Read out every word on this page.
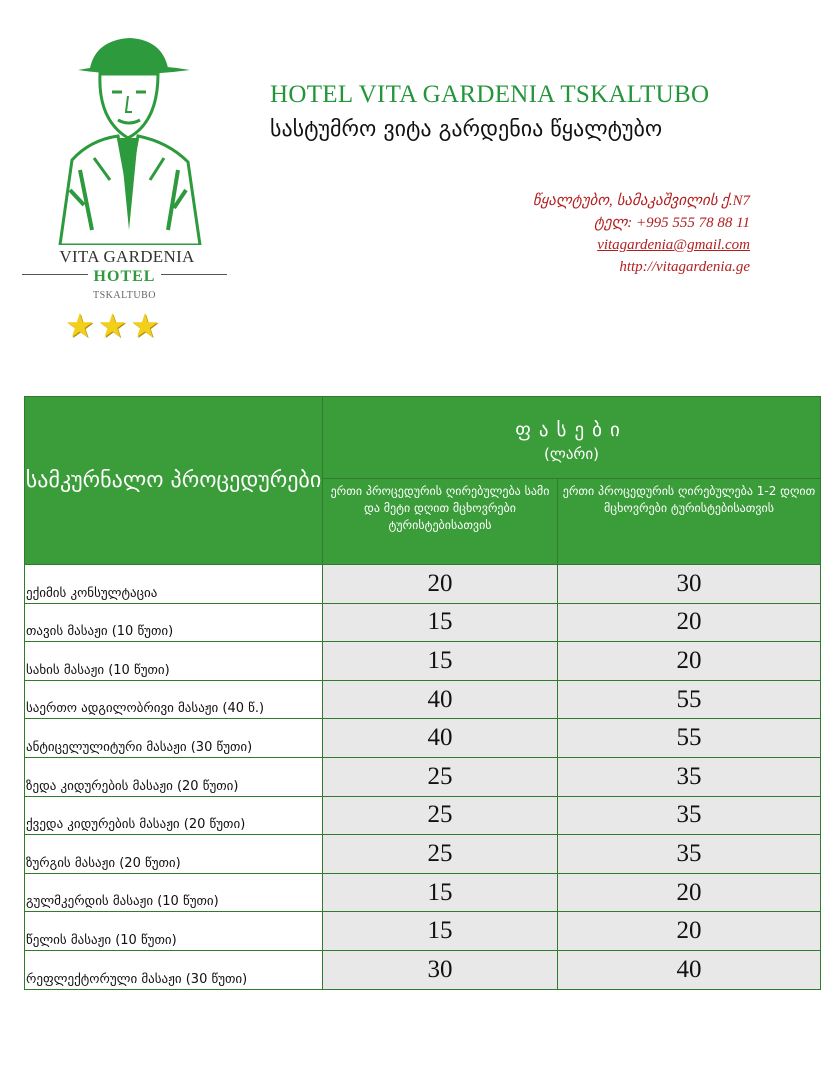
VITA GARDENIA
HOTEL
TSKALTUBO
★★★
HOTEL VITA GARDENIA TSKALTUBO
სასტუმრო ვიტა გარდენია წყალტუბო
წყალტუბო, სამაკაშვილის ქ.N7
ტელ: +995 555 78 88 11
vitagardenia@gmail.com
http://vitagardenia.ge
სამკურნალო პროცედურები	ფასები
(ლარი)	

	ერთი პროცედურის ღირებულება სამი და მეტი დღით მცხოვრები ტურისტებისათვის	ერთი პროცედურის ღირებულება 1-2 დღით მცხოვრები ტურისტებისათვის
ექიმის კონსულტაცია	20	30
თავის მასაჟი (10 წუთი)	15	20
სახის მასაჟი (10 წუთი)	15	20
საერთო ადგილობრივი მასაჟი (40 წ.)	40	55
ანტიცელულიტური მასაჟი (30 წუთი)	40	55
ზედა კიდურების მასაჟი (20 წუთი)	25	35
ქვედა კიდურების მასაჟი (20 წუთი)	25	35
ზურგის მასაჟი (20 წუთი)	25	35
გულმკერდის მასაჟი (10 წუთი)	15	20
წელის მასაჟი (10 წუთი)	15	20
რეფლექტორული მასაჟი (30 წუთი)	30	40
